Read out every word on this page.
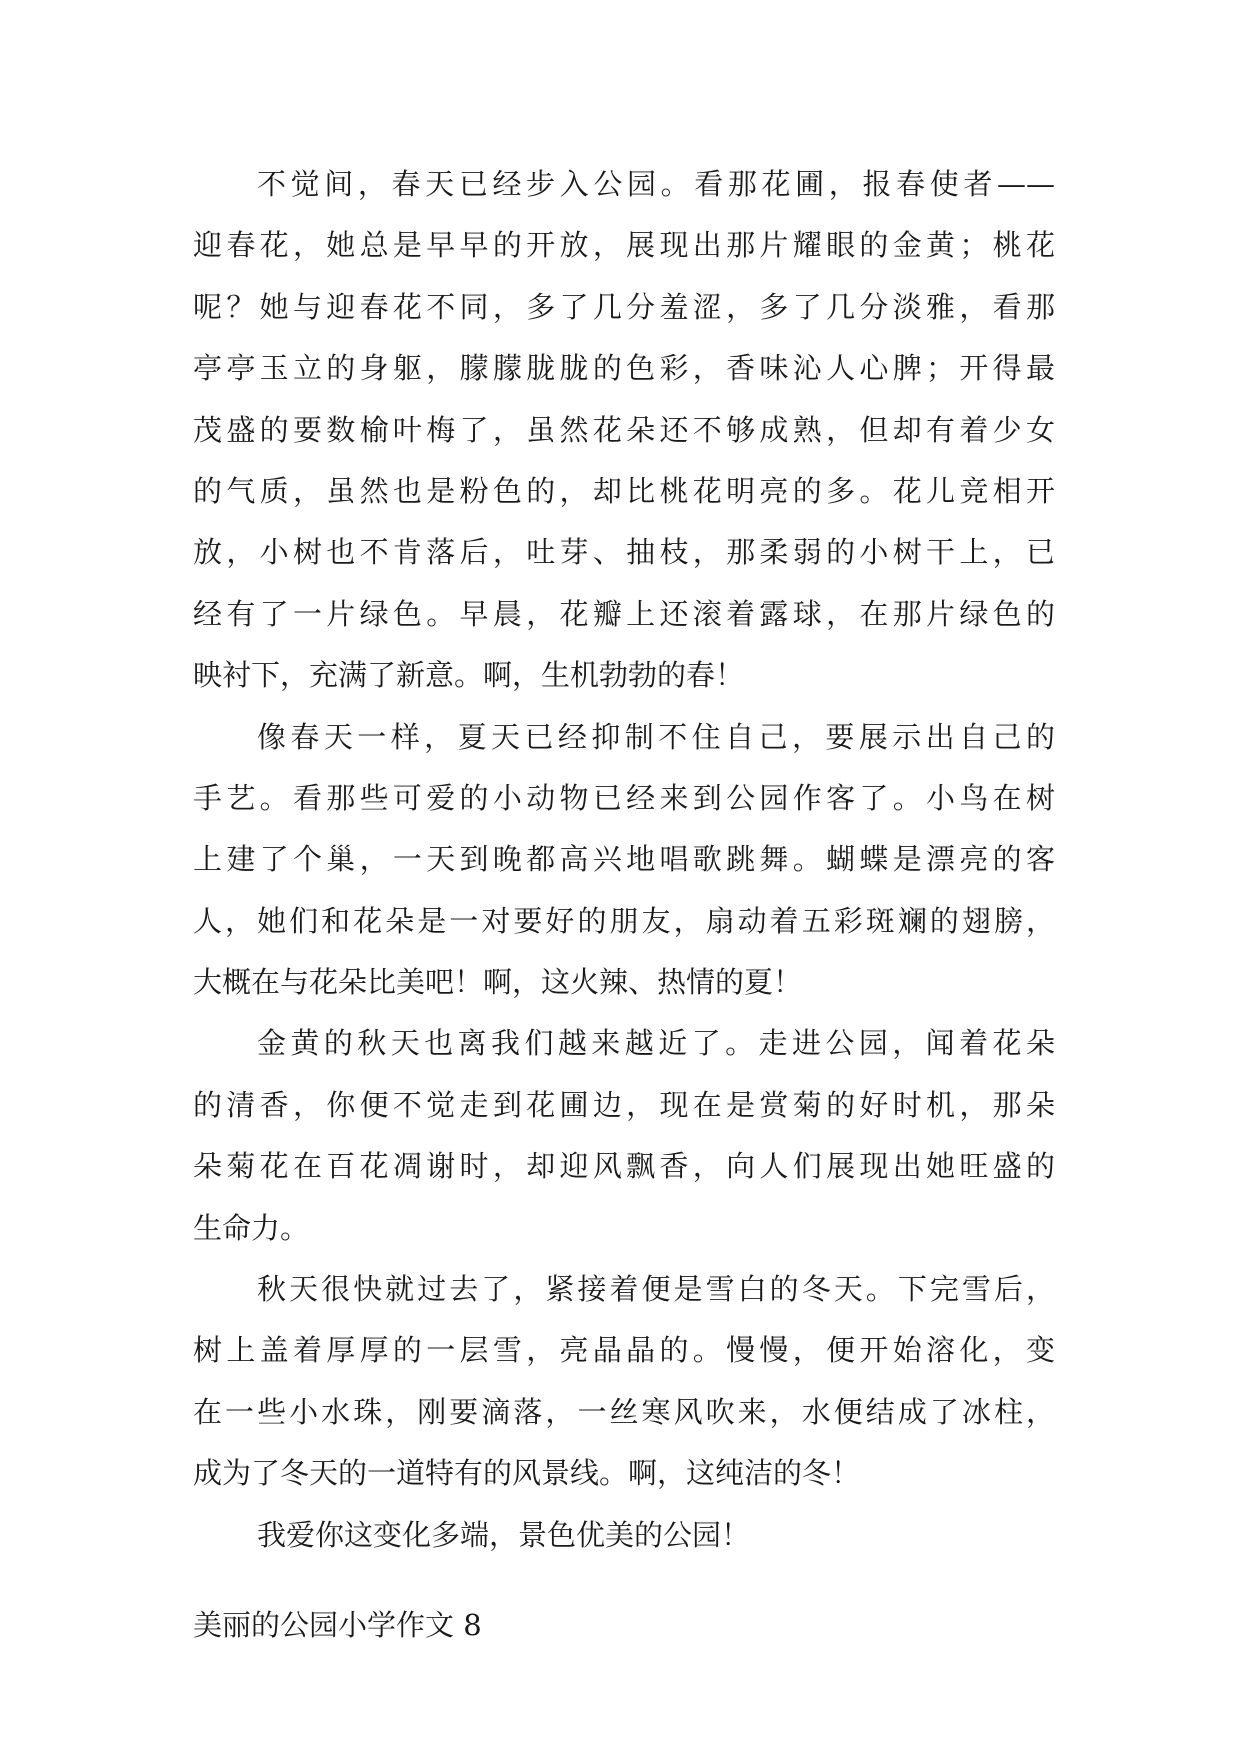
不觉间，春天已经步入公园。看那花圃，报春使者——
迎春花，她总是早早的开放，展现出那片耀眼的金黄；桃花
呢？她与迎春花不同，多了几分羞涩，多了几分淡雅，看那
亭亭玉立的身躯，朦朦胧胧的色彩，香味沁人心脾；开得最
茂盛的要数榆叶梅了，虽然花朵还不够成熟，但却有着少女
的气质，虽然也是粉色的，却比桃花明亮的多。花儿竞相开
放，小树也不肯落后，吐芽、抽枝，那柔弱的小树干上，已
经有了一片绿色。早晨，花瓣上还滚着露球，在那片绿色的
映衬下，充满了新意。啊，生机勃勃的春！
像春天一样，夏天已经抑制不住自己，要展示出自己的
手艺。看那些可爱的小动物已经来到公园作客了。小鸟在树
上建了个巢，一天到晚都高兴地唱歌跳舞。蝴蝶是漂亮的客
人，她们和花朵是一对要好的朋友，扇动着五彩斑斓的翅膀，
大概在与花朵比美吧！啊，这火辣、热情的夏！
金黄的秋天也离我们越来越近了。走进公园，闻着花朵
的清香，你便不觉走到花圃边，现在是赏菊的好时机，那朵
朵菊花在百花凋谢时，却迎风飘香，向人们展现出她旺盛的
生命力。
秋天很快就过去了，紧接着便是雪白的冬天。下完雪后，
树上盖着厚厚的一层雪，亮晶晶的。慢慢，便开始溶化，变
在一些小水珠，刚要滴落，一丝寒风吹来，水便结成了冰柱，
成为了冬天的一道特有的风景线。啊，这纯洁的冬！
我爱你这变化多端，景色优美的公园！
美丽的公园小学作文 8
